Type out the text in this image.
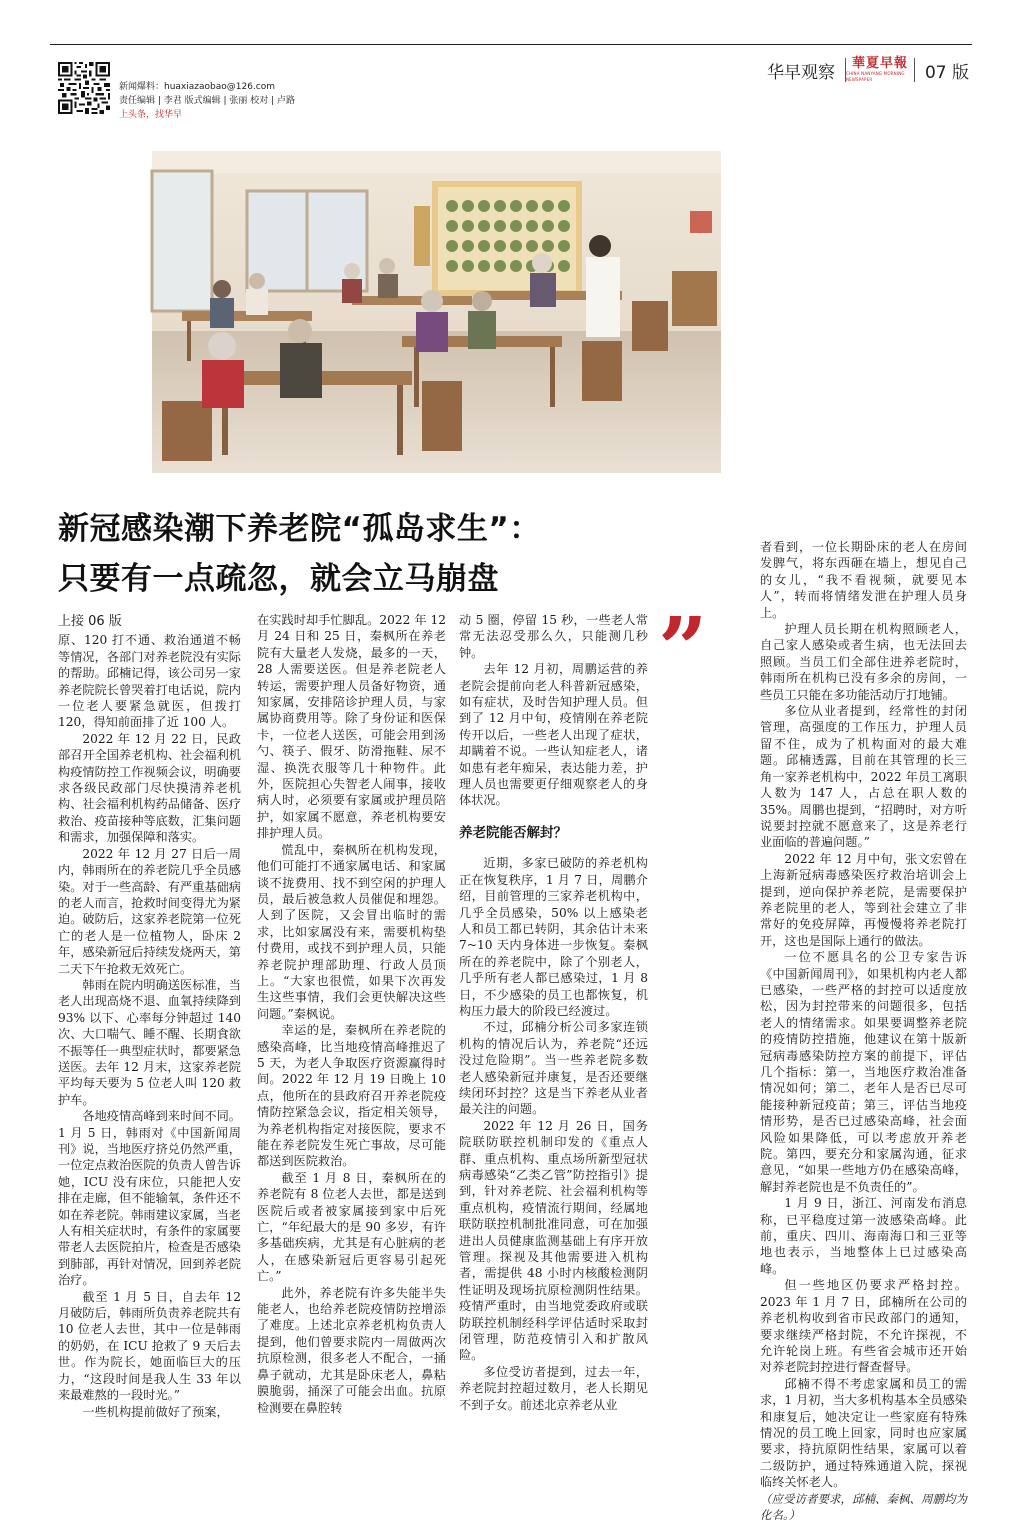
新闻爆料：huaxiazaobao@126.com
责任编辑 | 李君 版式编辑 | 张丽 校对 | 卢路
上头条，找华早
华早观察 華夏早報
CHINA NANYANG MORNING NEWSPAPER	07 版
新冠感染潮下养老院“孤岛求生”：
只要有一点疏忽，就会立马崩盘
”

上接 06 版

原、120 打不通、救治通道不畅等情况，各部门对养老院没有实际的帮助。邱楠记得，该公司另一家养老院院长曾哭着打电话说，院内一位老人要紧急就医，但拨打 120，得知前面排了近 100 人。

2022 年 12 月 22 日，民政部召开全国养老机构、社会福利机构疫情防控工作视频会议，明确要求各级民政部门尽快摸清养老机构、社会福利机构药品储备、医疗救治、疫苗接种等底数，汇集问题和需求，加强保障和落实。

2022 年 12 月 27 日后一周内，韩雨所在的养老院几乎全员感染。对于一些高龄、有严重基础病的老人而言，抢救时间变得尤为紧迫。破防后，这家养老院第一位死亡的老人是一位植物人，卧床 2 年，感染新冠后持续发烧两天，第二天下午抢救无效死亡。

韩雨在院内明确送医标准，当老人出现高烧不退、血氧持续降到 93% 以下、心率每分钟超过 140 次、大口喘气、睡不醒、长期食欲不振等任一典型症状时，都要紧急送医。去年 12 月末，这家养老院平均每天要为 5 位老人叫 120 救护车。

各地疫情高峰到来时间不同。1 月 5 日，韩雨对《中国新闻周刊》说，当地医疗挤兑仍然严重，一位定点救治医院的负责人曾告诉她，ICU 没有床位，只能把人安排在走廊，但不能输氧，条件还不如在养老院。韩雨建议家属，当老人有相关症状时，有条件的家属要带老人去医院拍片，检查是否感染到肺部，再针对情况，回到养老院治疗。

截至 1 月 5 日，自去年 12 月破防后，韩雨所负责养老院共有 10 位老人去世，其中一位是韩雨的奶奶，在 ICU 抢救了 9 天后去世。作为院长，她面临巨大的压力，“这段时间是我人生 33 年以来最难熬的一段时光。”

一些机构提前做好了预案，

在实践时却手忙脚乱。2022 年 12 月 24 日和 25 日，秦枫所在养老院有大量老人发烧，最多的一天，28 人需要送医。但是养老院老人转运，需要护理人员备好物资，通知家属，安排陪诊护理人员，与家属协商费用等。除了身份证和医保卡，一位老人送医，可能会用到汤勺、筷子、假牙、防滑拖鞋、尿不湿、换洗衣服等几十种物件。此外，医院担心失智老人闹事，接收病人时，必须要有家属或护理员陪护，如家属不愿意，养老机构要安排护理人员。

慌乱中，秦枫所在机构发现，他们可能打不通家属电话、和家属谈不拢费用、找不到空闲的护理人员，最后被急救人员催促和埋怨。人到了医院，又会冒出临时的需求，比如家属没有来，需要机构垫付费用，或找不到护理人员，只能养老院护理部助理、行政人员顶上。“大家也很慌，如果下次再发生这些事情，我们会更快解决这些问题。”秦枫说。

幸运的是，秦枫所在养老院的感染高峰，比当地疫情高峰推迟了 5 天，为老人争取医疗资源赢得时间。2022 年 12 月 19 日晚上 10 点，他所在的县政府召开养老院疫情防控紧急会议，指定相关领导，为养老机构指定对接医院，要求不能在养老院发生死亡事故，尽可能都送到医院救治。

截至 1 月 8 日，秦枫所在的养老院有 8 位老人去世，都是送到医院后或者被家属接到家中后死亡，“年纪最大的是 90 多岁，有许多基础疾病，尤其是有心脏病的老人，在感染新冠后更容易引起死亡。”

此外，养老院有许多失能半失能老人，也给养老院疫情防控增添了难度。上述北京养老机构负责人提到，他们曾要求院内一周做两次抗原检测，很多老人不配合，一捅鼻子就动，尤其是卧床老人，鼻粘膜脆弱，捅深了可能会出血。抗原检测要在鼻腔转

动 5 圈，停留 15 秒，一些老人常常无法忍受那么久，只能测几秒钟。

去年 12 月初，周鹏运营的养老院会提前向老人科普新冠感染，如有症状，及时告知护理人员。但到了 12 月中旬，疫情刚在养老院传开以后，一些老人出现了症状，却瞒着不说。一些认知症老人，诸如患有老年痴呆，表达能力差，护理人员也需要更仔细观察老人的身体状况。

养老院能否解封？

近期，多家已破防的养老机构正在恢复秩序，1 月 7 日，周鹏介绍，目前管理的三家养老机构中，几乎全员感染，50% 以上感染老人和员工都已转阴，其余估计未来 7~10 天内身体进一步恢复。秦枫所在的养老院中，除了个别老人，几乎所有老人都已感染过，1 月 8 日，不少感染的员工也都恢复，机构压力最大的阶段已经渡过。

不过，邱楠分析公司多家连锁机构的情况后认为，养老院“还远没过危险期”。当一些养老院多数老人感染新冠并康复，是否还要继续闭环封控？这是当下养老从业者最关注的问题。

2022 年 12 月 26 日，国务院联防联控机制印发的《重点人群、重点机构、重点场所新型冠状病毒感染“乙类乙管”防控指引》提到，针对养老院、社会福利机构等重点机构，疫情流行期间，经属地联防联控机制批准同意，可在加强进出人员健康监测基础上有序开放管理。探视及其他需要进入机构者，需提供 48 小时内核酸检测阴性证明及现场抗原检测阴性结果。疫情严重时，由当地党委政府或联防联控机制经科学评估适时采取封闭管理，防范疫情引入和扩散风险。

多位受访者提到，过去一年，养老院封控超过数月，老人长期见不到子女。前述北京养老从业

者看到，一位长期卧床的老人在房间发脾气，将东西砸在墙上，想见自己的女儿，“我不看视频，就要见本人”，转而将情绪发泄在护理人员身上。

护理人员长期在机构照顾老人，自己家人感染或者生病，也无法回去照顾。当员工们全部住进养老院时，韩雨所在机构已没有多余的房间，一些员工只能在多功能活动厅打地铺。

多位从业者提到，经常性的封闭管理，高强度的工作压力，护理人员留不住，成为了机构面对的最大难题。邱楠透露，目前在其管理的长三角一家养老机构中，2022 年员工离职人数为 147 人，占总在职人数的 35%。周鹏也提到，“招聘时，对方听说要封控就不愿意来了，这是养老行业面临的普遍问题。”

2022 年 12 月中旬，张文宏曾在上海新冠病毒感染医疗救治培训会上提到，逆向保护养老院，是需要保护养老院里的老人，等到社会建立了非常好的免疫屏障，再慢慢将养老院打开，这也是国际上通行的做法。

一位不愿具名的公卫专家告诉《中国新闻周刊》，如果机构内老人都已感染，一些严格的封控可以适度放松，因为封控带来的问题很多，包括老人的情绪需求。如果要调整养老院的疫情防控措施，他建议在第十版新冠病毒感染防控方案的前提下，评估几个指标：第一，当地医疗救治准备情况如何；第二，老年人是否已尽可能接种新冠疫苗；第三，评估当地疫情形势，是否已过感染高峰，社会面风险如果降低，可以考虑放开养老院。第四，要充分和家属沟通，征求意见，“如果一些地方仍在感染高峰，解封养老院也是不负责任的”。

1 月 9 日，浙江、河南发布消息称，已平稳度过第一波感染高峰。此前，重庆、四川、海南海口和三亚等地也表示，当地整体上已过感染高峰。

但一些地区仍要求严格封控。2023 年 1 月 7 日，邱楠所在公司的养老机构收到省市民政部门的通知，要求继续严格封院，不允许探视，不允许轮岗上班。有些省会城市还开始对养老院封控进行督查督导。

邱楠不得不考虑家属和员工的需求，1 月初，当大多机构基本全员感染和康复后，她决定让一些家庭有特殊情况的员工晚上回家，同时也应家属要求，持抗原阴性结果，家属可以着二级防护，通过特殊通道入院，探视临终关怀老人。

（应受访者要求，邱楠、秦枫、周鹏均为化名。）
